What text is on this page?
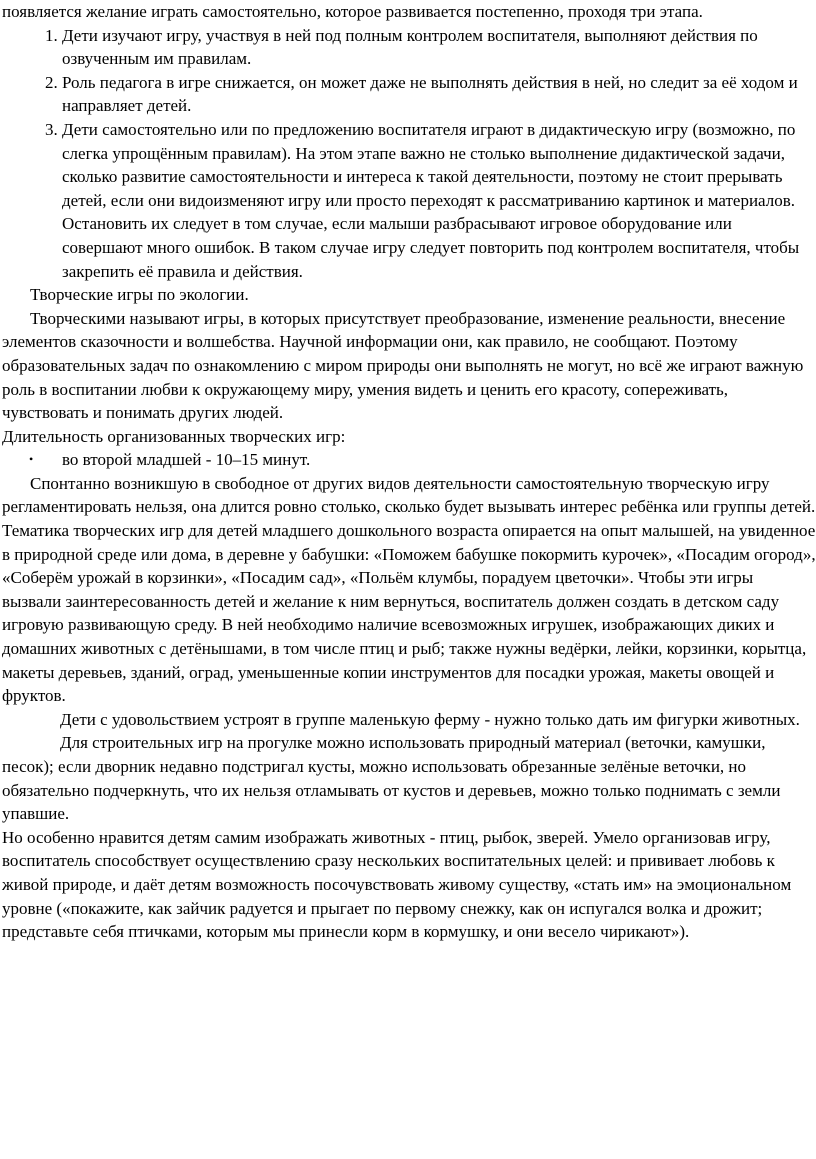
появляется желание играть самостоятельно, которое развивается постепенно, проходя три этапа.

1. Дети изучают игру, участвуя в ней под полным контролем воспитателя, выполняют действия по озвученным им правилам.
2. Роль педагога в игре снижается, он может даже не выполнять действия в ней, но следит за её ходом и направляет детей.
3. Дети самостоятельно или по предложению воспитателя играют в дидактическую игру (возможно, по слегка упрощённым правилам). На этом этапе важно не столько выполнение дидактической задачи, сколько развитие самостоятельности и интереса к такой деятельности, поэтому не стоит прерывать детей, если они видоизменяют игру или просто переходят к рассматриванию картинок и материалов. Остановить их следует в том случае, если малыши разбрасывают игровое оборудование или совершают много ошибок. В таком случае игру следует повторить под контролем воспитателя, чтобы закрепить её правила и действия.

Творческие игры по экологии.

Творческими называют игры, в которых присутствует преобразование, изменение реальности, внесение элементов сказочности и волшебства. Научной информации они, как правило, не сообщают. Поэтому образовательных задач по ознакомлению с миром природы они выполнять не могут, но всё же играют важную роль в воспитании любви к окружающему миру, умения видеть и ценить его красоту, сопереживать, чувствовать и понимать других людей.

Длительность организованных творческих игр:

• во второй младшей - 10–15 минут.

Спонтанно возникшую в свободное от других видов деятельности самостоятельную творческую игру регламентировать нельзя, она длится ровно столько, сколько будет вызывать интерес ребёнка или группы детей.

Тематика творческих игр для детей младшего дошкольного возраста опирается на опыт малышей, на увиденное в природной среде или дома, в деревне у бабушки: «Поможем бабушке покормить курочек», «Посадим огород», «Соберём урожай в корзинки», «Посадим сад», «Польём клумбы, порадуем цветочки». Чтобы эти игры вызвали заинтересованность детей и желание к ним вернуться, воспитатель должен создать в детском саду игровую развивающую среду. В ней необходимо наличие всевозможных игрушек, изображающих диких и домашних животных с детёнышами, в том числе птиц и рыб; также нужны ведёрки, лейки, корзинки, корытца, макеты деревьев, зданий, оград, уменьшенные копии инструментов для посадки урожая, макеты овощей и фруктов.

Дети с удовольствием устроят в группе маленькую ферму - нужно только дать им фигурки животных.

Для строительных игр на прогулке можно использовать природный материал (веточки, камушки, песок); если дворник недавно подстригал кусты, можно использовать обрезанные зелёные веточки, но обязательно подчеркнуть, что их нельзя отламывать от кустов и деревьев, можно только поднимать с земли упавшие.

Но особенно нравится детям самим изображать животных - птиц, рыбок, зверей. Умело организовав игру, воспитатель способствует осуществлению сразу нескольких воспитательных целей: и прививает любовь к живой природе, и даёт детям возможность посочувствовать живому существу, «стать им» на эмоциональном уровне («покажите, как зайчик радуется и прыгает по первому снежку, как он испугался волка и дрожит; представьте себя птичками, которым мы принесли корм в кормушку, и они весело чирикают»).
